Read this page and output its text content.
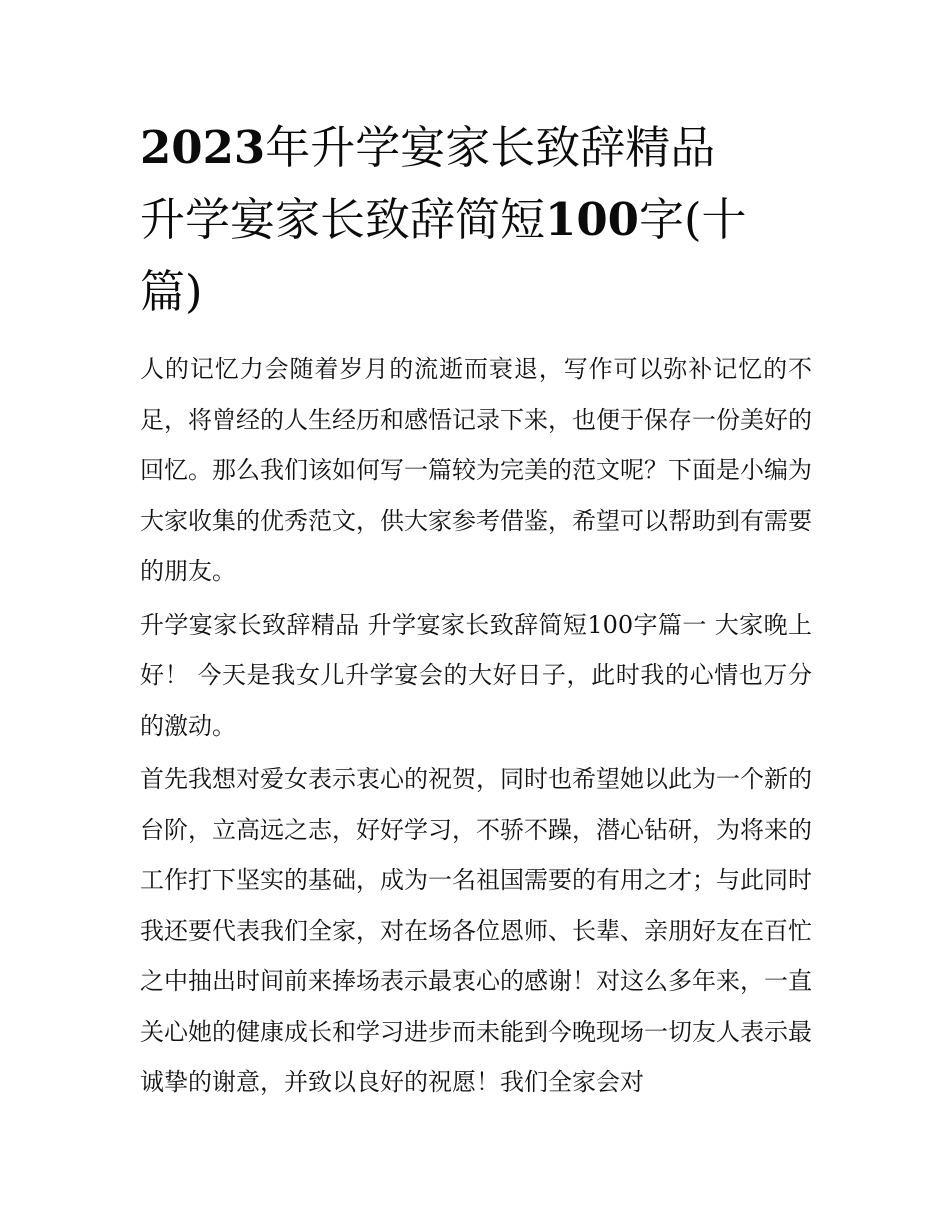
2023年升学宴家长致辞精品
升学宴家长致辞简短100字(十
篇)

人的记忆力会随着岁月的流逝而衰退，写作可以弥补记忆的不足，将曾经的人生经历和感悟记录下来，也便于保存一份美好的回忆。那么我们该如何写一篇较为完美的范文呢？下面是小编为大家收集的优秀范文，供大家参考借鉴，希望可以帮助到有需要的朋友。

升学宴家长致辞精品 升学宴家长致辞简短100字篇一 大家晚上好！ 今天是我女儿升学宴会的大好日子，此时我的心情也万分的激动。

首先我想对爱女表示衷心的祝贺，同时也希望她以此为一个新的台阶，立高远之志，好好学习，不骄不躁，潜心钻研，为将来的工作打下坚实的基础，成为一名祖国需要的有用之才；与此同时我还要代表我们全家，对在场各位恩师、长辈、亲朋好友在百忙之中抽出时间前来捧场表示最衷心的感谢！对这么多年来，一直关心她的健康成长和学习进步而未能到今晚现场一切友人表示最诚挚的谢意，并致以良好的祝愿！我们全家会对
